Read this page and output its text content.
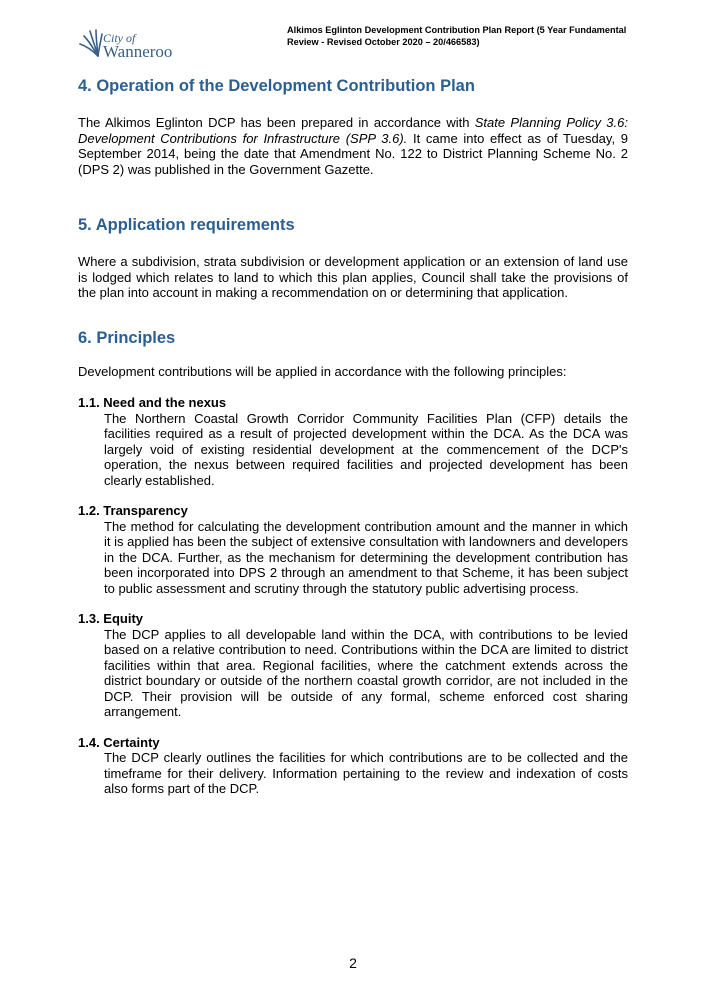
City of
Wanneroo
Alkimos Eglinton Development Contribution Plan Report (5 Year Fundamental Review - Revised October 2020 – 20/466583)
4. Operation of the Development Contribution Plan

The Alkimos Eglinton DCP has been prepared in accordance with State Planning Policy 3.6: Development Contributions for Infrastructure (SPP 3.6). It came into effect as of Tuesday, 9 September 2014, being the date that Amendment No. 122 to District Planning Scheme No. 2 (DPS 2) was published in the Government Gazette.

5. Application requirements

Where a subdivision, strata subdivision or development application or an extension of land use is lodged which relates to land to which this plan applies, Council shall take the provisions of the plan into account in making a recommendation on or determining that application.

6. Principles

Development contributions will be applied in accordance with the following principles:

1.1. Need and the nexus

The Northern Coastal Growth Corridor Community Facilities Plan (CFP) details the facilities required as a result of projected development within the DCA. As the DCA was largely void of existing residential development at the commencement of the DCP's operation, the nexus between required facilities and projected development has been clearly established.

1.2. Transparency

The method for calculating the development contribution amount and the manner in which it is applied has been the subject of extensive consultation with landowners and developers in the DCA. Further, as the mechanism for determining the development contribution has been incorporated into DPS 2 through an amendment to that Scheme, it has been subject to public assessment and scrutiny through the statutory public advertising process.

1.3. Equity

The DCP applies to all developable land within the DCA, with contributions to be levied based on a relative contribution to need. Contributions within the DCA are limited to district facilities within that area. Regional facilities, where the catchment extends across the district boundary or outside of the northern coastal growth corridor, are not included in the DCP. Their provision will be outside of any formal, scheme enforced cost sharing arrangement.

1.4. Certainty

The DCP clearly outlines the facilities for which contributions are to be collected and the timeframe for their delivery. Information pertaining to the review and indexation of costs also forms part of the DCP.

2
